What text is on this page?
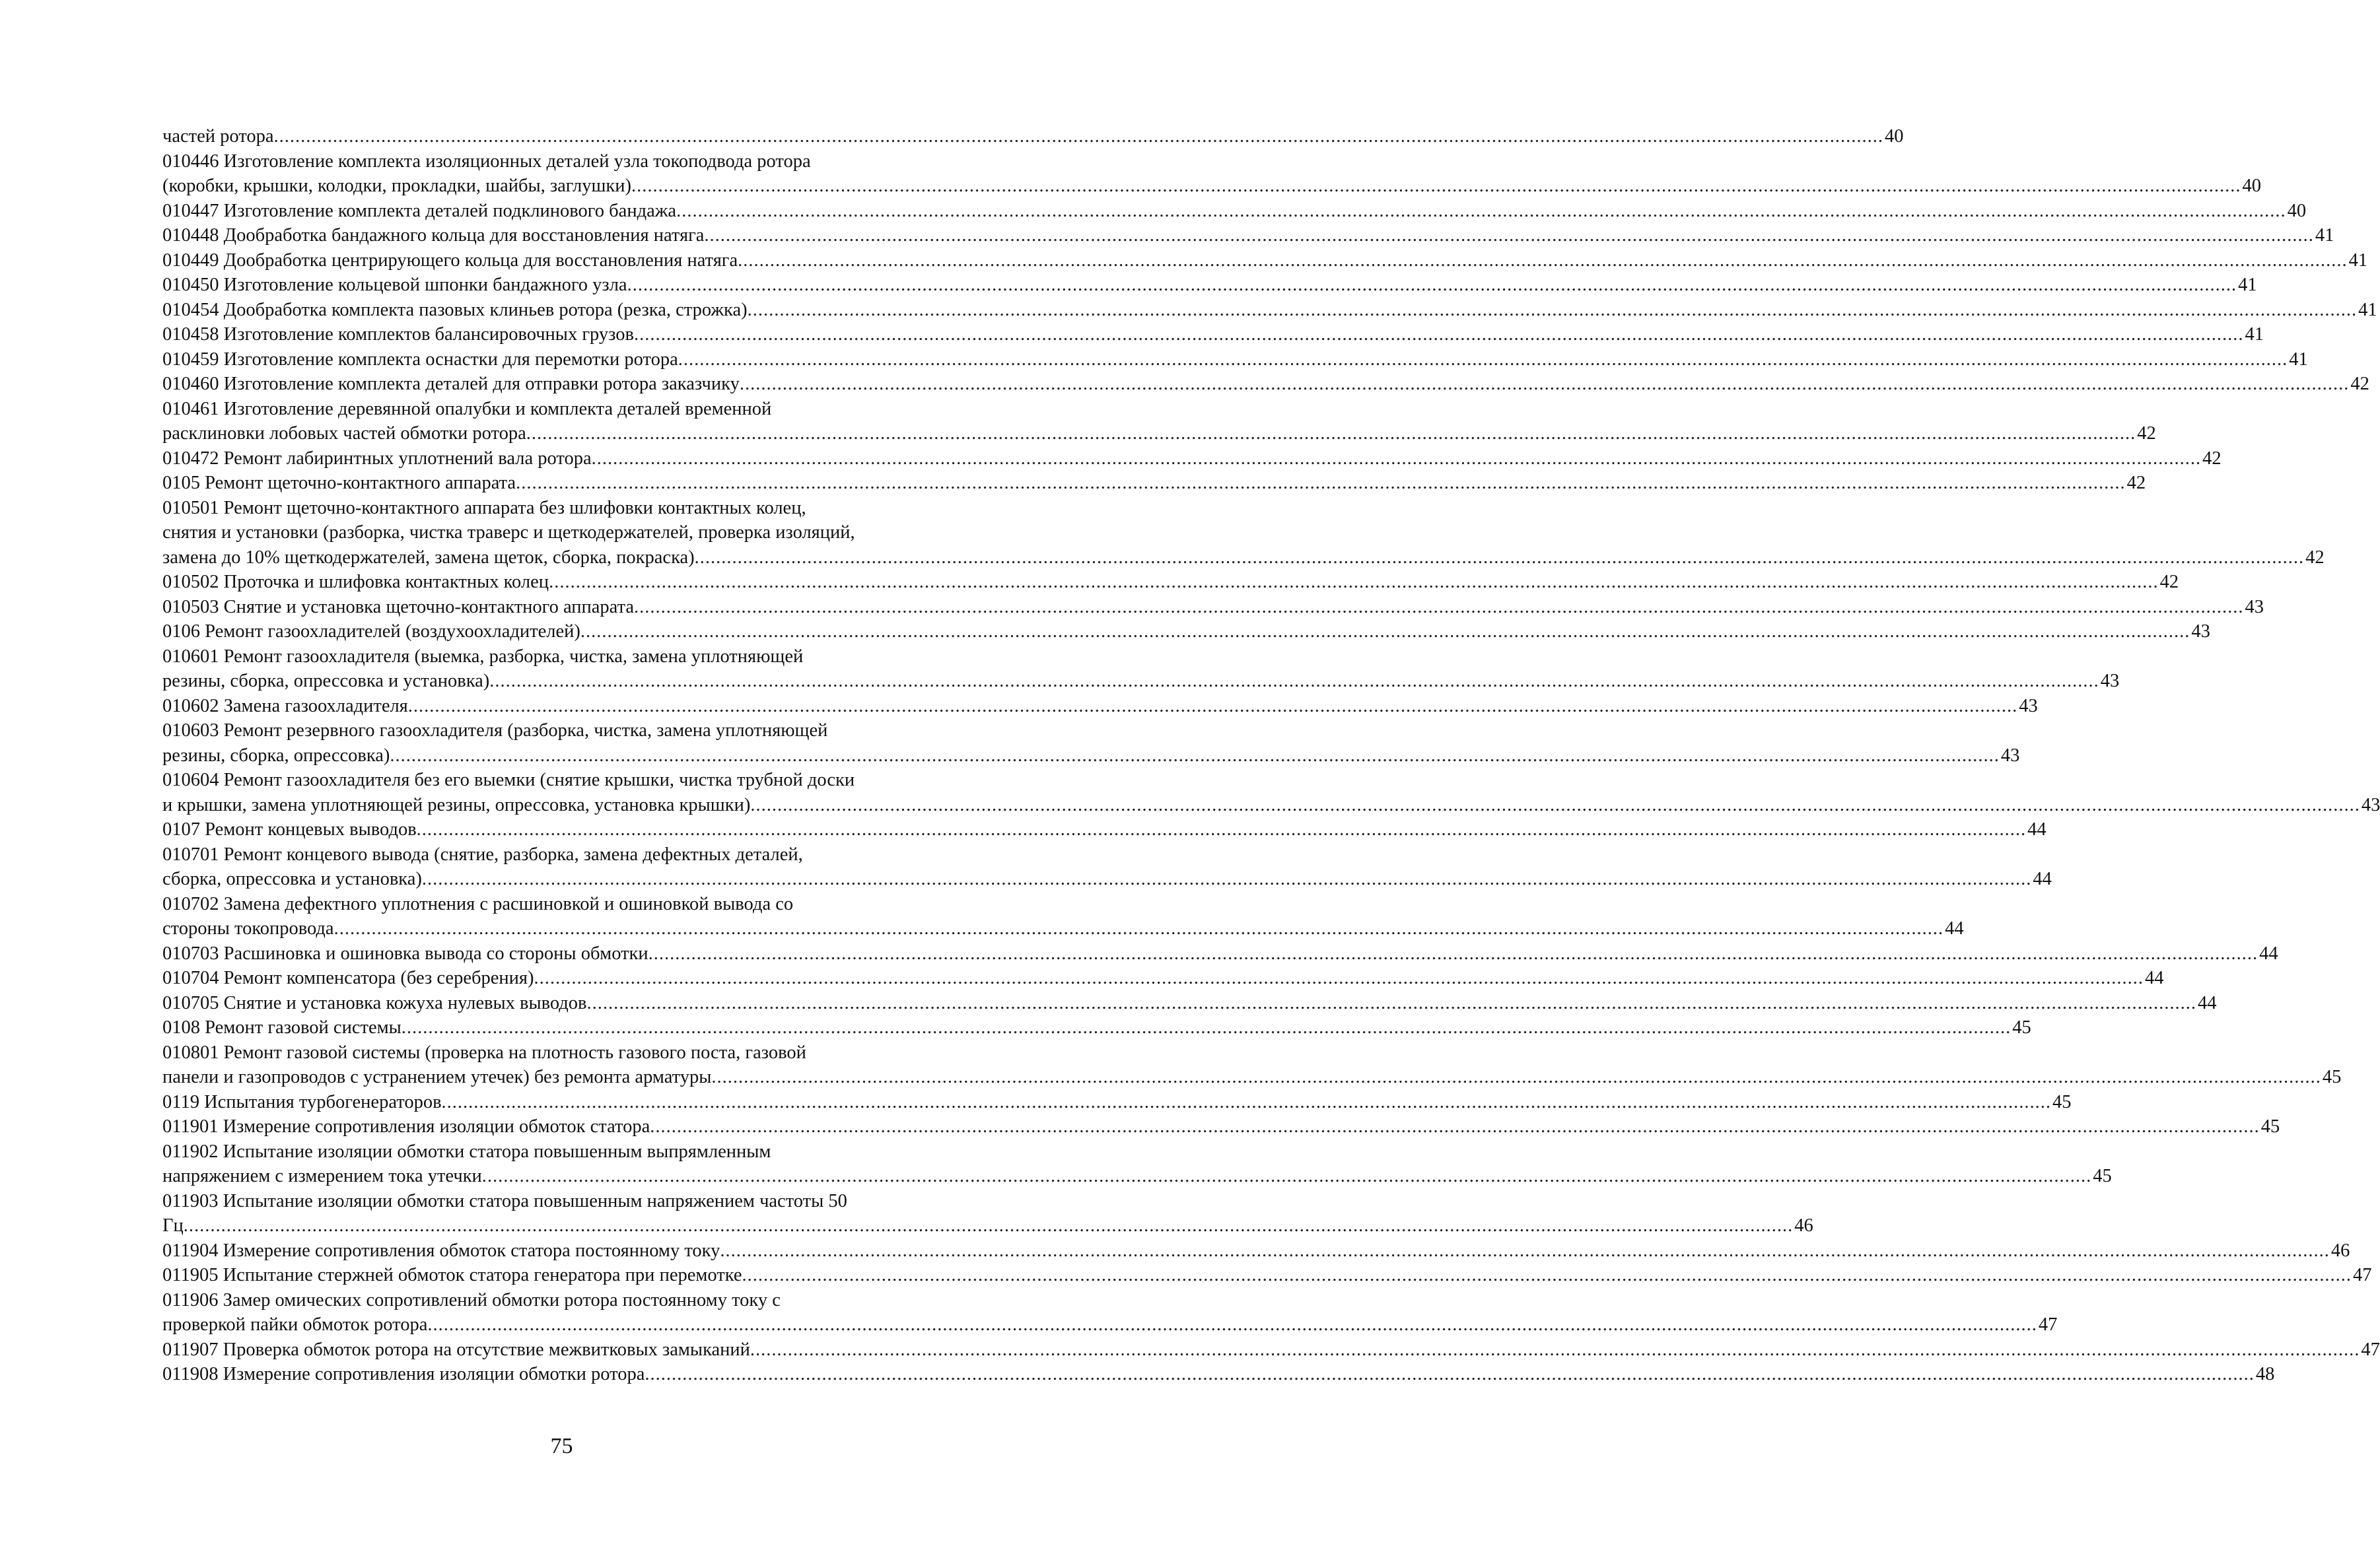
частей ротора .....	40
010446 Изготовление комплекта изоляционных деталей узла токоподвода ротора
(коробки, крышки, колодки, прокладки, шайбы, заглушки) .....	40
010447 Изготовление комплекта деталей подклинового бандажа .....	40
010448 Дообработка бандажного кольца для восстановления натяга .....	41
010449 Дообработка центрирующего кольца для восстановления натяга .....	41
010450 Изготовление кольцевой шпонки бандажного узла .....	41
010454 Дообработка комплекта пазовых клиньев ротора (резка, строжка) .....	41
010458 Изготовление комплектов балансировочных грузов .....	41
010459 Изготовление комплекта оснастки для перемотки ротора .....	41
010460 Изготовление комплекта деталей для отправки ротора заказчику .....	42
010461 Изготовление деревянной опалубки и комплекта деталей временной
расклиновки лобовых частей обмотки ротора .....	42
010472 Ремонт лабиринтных уплотнений вала ротора .....	42
0105 Ремонт щеточно-контактного аппарата .....	42
010501 Ремонт щеточно-контактного аппарата без шлифовки контактных колец,
снятия и установки (разборка, чистка траверс и щеткодержателей, проверка изоляций,
замена до 10% щеткодержателей, замена щеток, сборка, покраска) .....	42
010502 Проточка и шлифовка контактных колец .....	42
010503 Снятие и установка щеточно-контактного аппарата .....	43
0106 Ремонт газоохладителей (воздухоохладителей) .....	43
010601 Ремонт газоохладителя (выемка, разборка, чистка, замена уплотняющей
резины, сборка, опрессовка и установка) .....	43
010602 Замена газоохладителя .....	43
010603 Ремонт резервного газоохладителя (разборка, чистка, замена уплотняющей
резины, сборка, опрессовка) .....	43
010604 Ремонт газоохладителя без его выемки (снятие крышки, чистка трубной доски
и крышки, замена уплотняющей резины, опрессовка, установка крышки) .....	43
0107 Ремонт концевых выводов .....	44
010701 Ремонт концевого вывода (снятие, разборка, замена дефектных деталей,
сборка, опрессовка и установка) .....	44
010702 Замена дефектного уплотнения с расшиновкой и ошиновкой вывода со
стороны токопровода .....	44
010703 Расшиновка и ошиновка вывода со стороны обмотки .....	44
010704 Ремонт компенсатора (без серебрения) .....	44
010705 Снятие и установка кожуха нулевых выводов .....	44
0108 Ремонт газовой системы .....	45
010801 Ремонт газовой системы (проверка на плотность газового поста, газовой
панели и газопроводов с устранением утечек) без ремонта арматуры .....	45
0119 Испытания турбогенераторов .....	45
011901 Измерение сопротивления изоляции обмоток статора .....	45
011902 Испытание изоляции обмотки статора повышенным выпрямленным
напряжением с измерением тока утечки .....	45
011903 Испытание изоляции обмотки статора повышенным напряжением частоты 50
Гц .....	46
011904 Измерение сопротивления обмоток статора постоянному току .....	46
011905 Испытание стержней обмоток статора генератора при перемотке .....	47
011906 Замер омических сопротивлений обмотки ротора постоянному току с
проверкой пайки обмоток ротора .....	47
011907 Проверка обмоток ротора на отсутствие межвитковых замыканий .....	47
011908 Измерение сопротивления изоляции обмотки ротора .....	48
75
